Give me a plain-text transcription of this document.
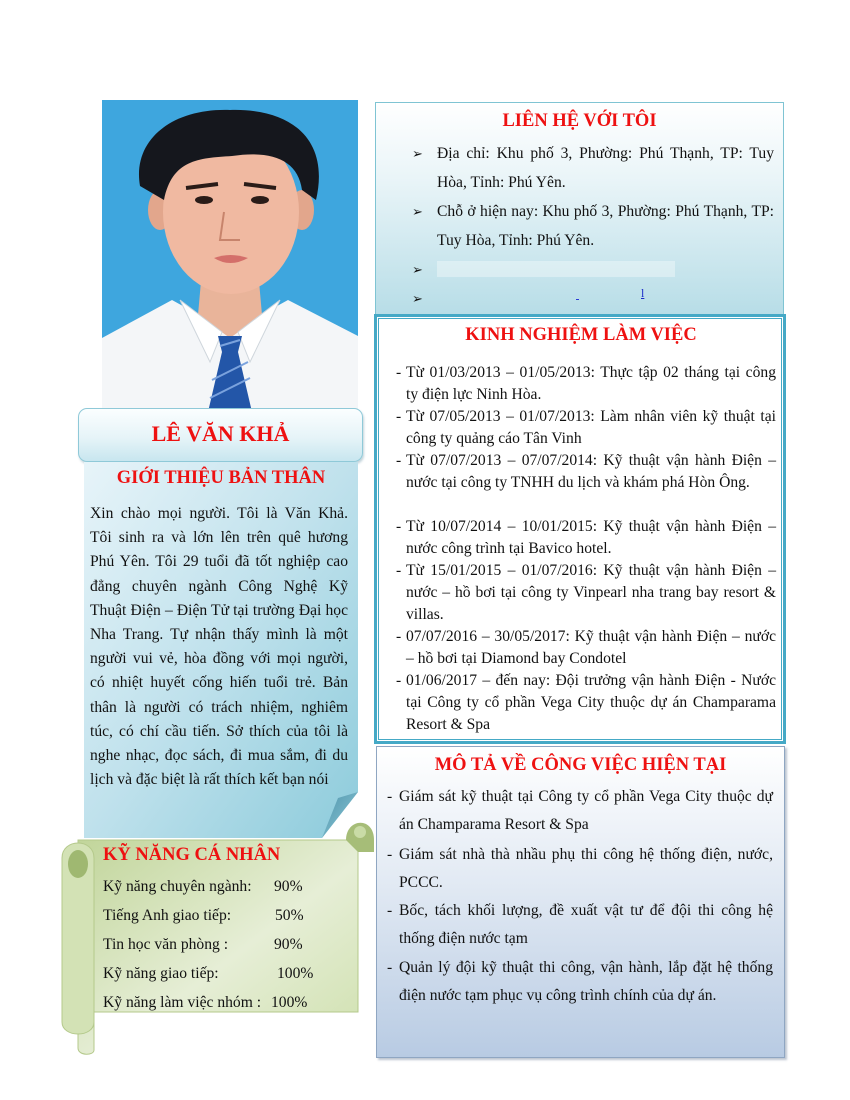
LÊ VĂN KHẢ
GIỚI THIỆU BẢN THÂN
Xin chào mọi người. Tôi là Văn Khả. Tôi sinh ra và lớn lên trên quê hương Phú Yên. Tôi 29 tuổi đã tốt nghiệp cao đẳng chuyên ngành Công Nghệ Kỹ Thuật Điện – Điện Tử tại trường Đại học Nha Trang. Tự nhận thấy mình là một người vui vẻ, hòa đồng với mọi người, có nhiệt huyết cống hiến tuổi trẻ. Bản thân là người có trách nhiệm, nghiêm túc, có chí cầu tiến. Sở thích của tôi là nghe nhạc, đọc sách, đi mua sắm, đi du lịch và đặc biệt là rất thích kết bạn nói
KỸ NĂNG CÁ NHÂN
Kỹ năng chuyên ngành: 90%
Tiếng Anh giao tiếp:	50%
Tin học văn phòng :	90%
Kỹ năng giao tiếp:	100%
Kỹ năng làm việc nhóm : 100%
LIÊN HỆ VỚI TÔI
➢ Địa chỉ: Khu phố 3, Phường: Phú Thạnh, TP: Tuy Hòa, Tỉnh: Phú Yên.
➢ Chỗ ở hiện nay: Khu phố 3, Phường: Phú Thạnh, TP: Tuy Hòa, Tỉnh: Phú Yên.
➢

➢
	l
KINH NGHIỆM LÀM VIỆC
- Từ 01/03/2013 – 01/05/2013: Thực tập 02 tháng tại công ty điện lực Ninh Hòa.
- Từ 07/05/2013 – 01/07/2013: Làm nhân viên kỹ thuật tại công ty quảng cáo Tân Vinh
- Từ 07/07/2013 – 07/07/2014: Kỹ thuật vận hành Điện – nước tại công ty TNHH du lịch và khám phá Hòn Ông.
- Từ 10/07/2014 – 10/01/2015: Kỹ thuật vận hành Điện – nước công trình tại Bavico hotel.
- Từ 15/01/2015 – 01/07/2016: Kỹ thuật vận hành Điện – nước – hồ bơi tại công ty Vinpearl nha trang bay resort & villas.
- 07/07/2016 – 30/05/2017: Kỹ thuật vận hành Điện – nước – hồ bơi tại Diamond bay Condotel
- 01/06/2017 – đến nay: Đội trưởng vận hành Điện - Nước tại Công ty cổ phần Vega City thuộc dự án Champarama Resort & Spa
MÔ TẢ VỀ CÔNG VIỆC HIỆN TẠI
- Giám sát kỹ thuật tại Công ty cổ phần Vega City thuộc dự án Champarama Resort & Spa
- Giám sát nhà thà nhầu phụ thi công hệ thống điện, nước, PCCC.
- Bốc, tách khối lượng, đề xuất vật tư để đội thi công hệ thống điện nước tạm
- Quản lý đội kỹ thuật thi công, vận hành, lắp đặt hệ thống điện nước tạm phục vụ công trình chính của dự án.
